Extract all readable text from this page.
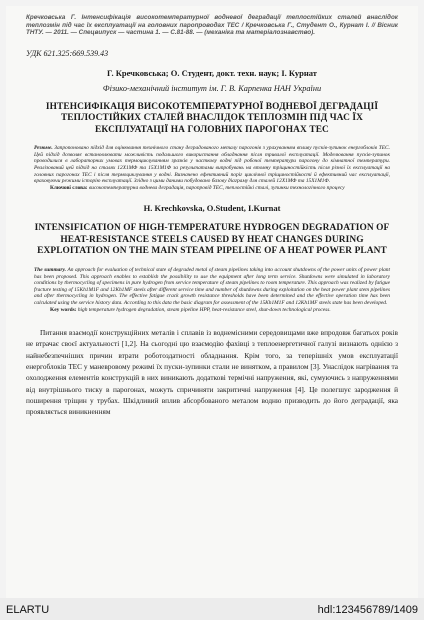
Кречковська Г. Інтенсифікація високотемпературної водневої деградації теплостійких сталей внаслідок теплозмін під час їх експлуатації на головних паропроводах ТЕС / Кречковська Г., Студент О., Курнат І. // Вісник ТНТУ. — 2011. — Спецвипуск — частина 1. — С.81-88. — (механіка та матеріалознавство).
УДК 621.325:669.539.43
Г. Кречковська; О. Студент, докт. техн. наук; І. Курнат
Фізико-механічний інститут ім. Г. В. Карпенка НАН України
ІНТЕНСИФІКАЦІЯ ВИСОКОТЕМПЕРАТУРНОЇ ВОДНЕВОЇ ДЕГРАДАЦІЇ ТЕПЛОСТІЙКИХ СТАЛЕЙ ВНАСЛІДОК ТЕПЛОЗМІН ПІД ЧАС ЇХ ЕКСПЛУАТАЦІЇ НА ГОЛОВНИХ ПАРОГОНАХ ТЕС
Резюме. Запропоновано підхід для оцінювання технічного стану деградованого металу парогонів з урахуванням впливу пусків-зупинок енергоблоків ТЕС. Цей підхід дозволяє встановлювати можливість подальшого використання обладнання після тривалої експлуатації. Моделювання пусків-зупинок проводилися в лабораторних умовах термоциклуванням зразків у часткову водні під робочої температури парогону до кімнатної температури. Реалізований цей підхід на сталях 12Х1МФ та 15Х1М1Ф за результатами випробувань на втомну тріщиностійкість після різної їх експлуатації на головних парогонах ТЕС і після термоциклування у водні. Визначено ефективний поріг циклічної тріщиностійкості й ефективний час експлуатації, враховуючи режими історію експлуатації. Згідно з цими даними побудовано базову діаграму для сталей 12Х1МФ та 15Х1М1Ф.
Ключові слова: високотемпературна воднева деградація, паропровід ТЕС, теплостійкі сталі, зупинки технологічного процесу
H. Krechkovska, O.Student, I.Kurnat
INTENSIFICATION OF HIGH-TEMPERATURE HYDROGEN DEGRADATION OF HEAT-RESISTANCE STEELS CAUSED BY HEAT CHANGES DURING EXPLOITATION ON THE MAIN STEAM PIPELINE OF A HEAT POWER PLANT
The summary. An approach for evaluation of technical state of degraded metal of steam pipelines taking into account shutdowns of the power units of power plant has been proposed. This approach enables to establish the possibility to use the equipment after long term service. Shutdowns were simulated in laboratory conditions by thermocycling of specimens in pure hydrogen from service temperature of steam pipelines to room temperature. This approach was realized by fatigue fracture testing of 15Kh1M1F and 12Kh1MF steels after different service time and number of shutdowns during exploitation on the heat power plant stem pipelines and after thermocycling in hydrogen. The effective fatigue crack growth resistance thresholds have been determined and the effective operation time has been calculated using the service history data. According to this data the basic diagram for assessment of the 15Kh1M1F and 12Kh1MF steels state has been developed.
Key words: high temperature hydrogen degradation, steam pipeline HPP, heat-resistance steel, shut-down technological process.
Питання взаємодії конструкційних металів і сплавів із воднемісними середовищами вже впродовж багатьох років не втрачає своєї актуальності [1,2]. На сьогодні цю взаємодію фахівці з теплоенергетичної галузі визнають однією з найнебезпечніших причин втрати роботоздатності обладнання. Крім того, за теперішніх умов експлуатації енергоблоків ТЕС у маневровому режимі їх пуски-зупинки стали не винятком, а правилом [3]. Унаслідок нагрівання та охолодження елементів конструкцій в них виникають додаткові термічні напруження, які, сумуючись з напруженнями від внутрішнього тиску в парогонах, можуть спричиняти закритичні напруження [4]. Це полегшує зародження й поширення тріщин у трубах. Шкідливий вплив абсорбованого металом водню призводить до його деградації, яка проявляється виникненням
ELARTU	hdl:123456789/1409
